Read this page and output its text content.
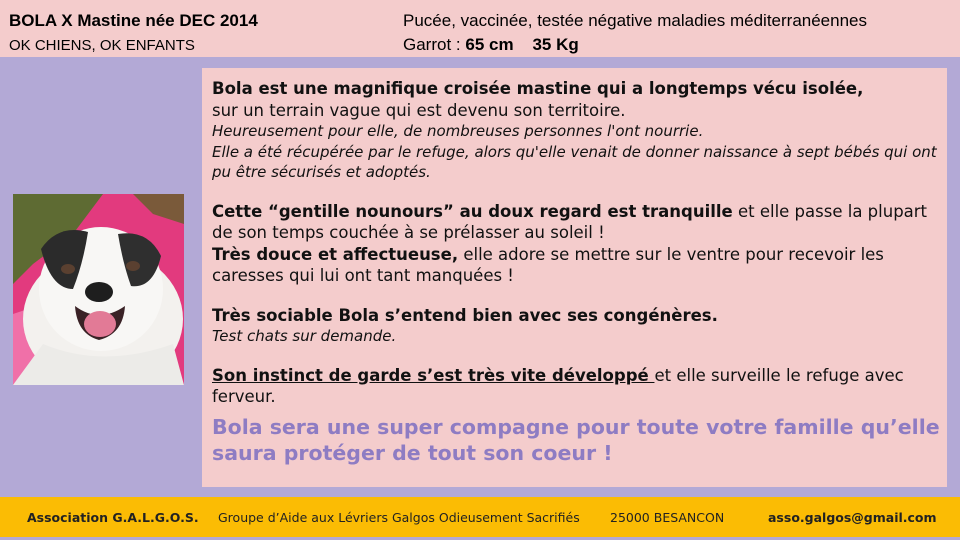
BOLA X Mastine née DEC 2014
OK CHIENS, OK ENFANTS
Pucée, vaccinée, testée négative maladies méditerranéennes
Garrot : 65 cm 35 Kg

Bola est une magnifique croisée mastine qui a longtemps vécu isolée,
sur un terrain vague qui est devenu son territoire.

Heureusement pour elle, de nombreuses personnes l'ont nourrie.

Elle a été récupérée par le refuge, alors qu'elle venait de donner naissance à sept bébés qui ont pu être sécurisés et adoptés.

Cette “gentille nounours” au doux regard est tranquille et elle passe la plupart de son temps couchée à se prélasser au soleil !

Très douce et affectueuse, elle adore se mettre sur le ventre pour recevoir les caresses qui lui ont tant manquées !

Très sociable Bola s’entend bien avec ses congénères.

Test chats sur demande.

Son instinct de garde s’est très vite développé et elle surveille le refuge avec ferveur.

Bola sera une super compagne pour toute votre famille qu’elle saura protéger de tout son coeur !

Association G.A.L.G.O.S. Groupe d’Aide aux Lévriers Galgos Odieusement Sacrifiés 25000 BESANCON	asso.galgos@gmail.com
